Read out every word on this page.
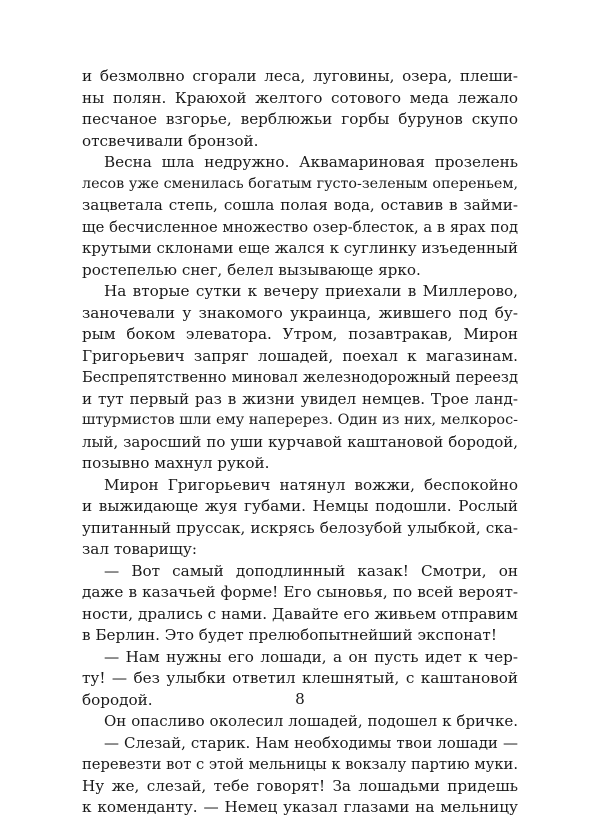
и безмолвно сгорали леса, луговины, озера, плеши-
ны полян. Краюхой желтого сотового меда лежало
песчаное взгорье, верблюжьи горбы бурунов скупо
отсвечивали бронзой.
Весна шла недружно. Аквамариновая прозелень
лесов уже сменилась богатым густо-зеленым опереньем,
зацветала степь, сошла полая вода, оставив в займи-
ще бесчисленное множество озер-блесток, а в ярах под
крутыми склонами еще жался к суглинку изъеденный
ростепелью снег, белел вызывающе ярко.
На вторые сутки к вечеру приехали в Миллерово,
заночевали у знакомого украинца, жившего под бу-
рым боком элеватора. Утром, позавтракав, Мирон
Григорьевич запряг лошадей, поехал к магазинам.
Беспрепятственно миновал железнодорожный переезд
и тут первый раз в жизни увидел немцев. Трое ланд-
штурмистов шли ему наперерез. Один из них, мелкорос-
лый, заросший по уши курчавой каштановой бородой,
позывно махнул рукой.
Мирон Григорьевич натянул вожжи, беспокойно
и выжидающе жуя губами. Немцы подошли. Рослый
упитанный пруссак, искрясь белозубой улыбкой, ска-
зал товарищу:
— Вот самый доподлинный казак! Смотри, он
даже в казачьей форме! Его сыновья, по всей вероят-
ности, дрались с нами. Давайте его живьем отправим
в Берлин. Это будет прелюбопытнейший экспонат!
— Нам нужны его лошади, а он пусть идет к чер-
ту! — без улыбки ответил клешнятый, с каштановой
бородой.
Он опасливо околесил лошадей, подошел к бричке.
— Слезай, старик. Нам необходимы твои лошади —
перевезти вот с этой мельницы к вокзалу партию муки.
Ну же, слезай, тебе говорят! За лошадьми придешь
к коменданту. — Немец указал глазами на мельницу
8
